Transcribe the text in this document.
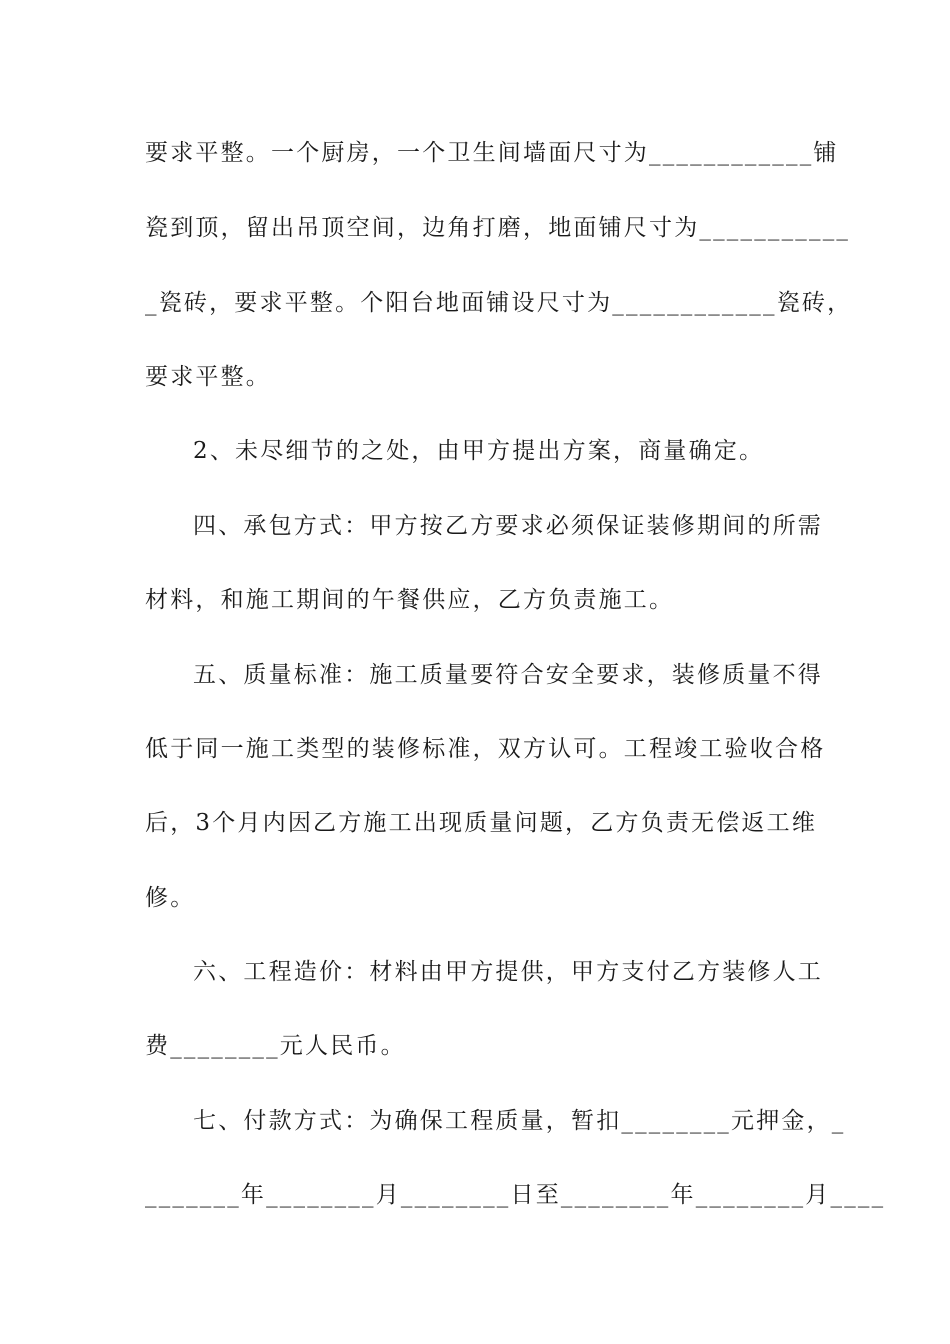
要求平整。一个厨房，一个卫生间墙面尺寸为____________铺
瓷到顶，留出吊顶空间，边角打磨，地面铺尺寸为___________
_瓷砖，要求平整。个阳台地面铺设尺寸为____________瓷砖，
要求平整。
2、未尽细节的之处，由甲方提出方案，商量确定。
四、承包方式：甲方按乙方要求必须保证装修期间的所需
材料，和施工期间的午餐供应，乙方负责施工。
五、质量标准：施工质量要符合安全要求，装修质量不得
低于同一施工类型的装修标准，双方认可。工程竣工验收合格
后，3个月内因乙方施工出现质量问题，乙方负责无偿返工维
修。
六、工程造价：材料由甲方提供，甲方支付乙方装修人工
费________元人民币。
七、付款方式：为确保工程质量，暂扣________元押金，_
_______年________月________日至________年________月____
